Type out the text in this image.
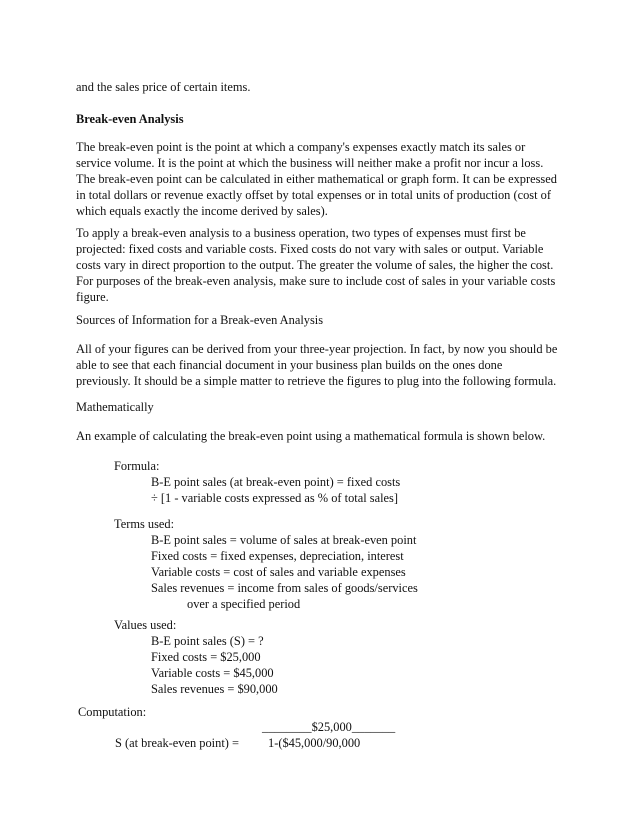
and the sales price of certain items.
Break-even Analysis
The break-even point is the point at which a company's expenses exactly match its sales or
service volume. It is the point at which the business will neither make a profit nor incur a loss.
The break-even point can be calculated in either mathematical or graph form. It can be expressed
in total dollars or revenue exactly offset by total expenses or in total units of production (cost of
which equals exactly the income derived by sales).
To apply a break-even analysis to a business operation, two types of expenses must first be
projected: fixed costs and variable costs. Fixed costs do not vary with sales or output. Variable
costs vary in direct proportion to the output. The greater the volume of sales, the higher the cost.
For purposes of the break-even analysis, make sure to include cost of sales in your variable costs
figure.
Sources of Information for a Break-even Analysis
All of your figures can be derived from your three-year projection. In fact, by now you should be
able to see that each financial document in your business plan builds on the ones done
previously. It should be a simple matter to retrieve the figures to plug into the following formula.
Mathematically
An example of calculating the break-even point using a mathematical formula is shown below.
Formula:
B-E point sales (at break-even point) = fixed costs
÷ [1 - variable costs expressed as % of total sales]
Terms used:
B-E point sales = volume of sales at break-even point
Fixed costs = fixed expenses, depreciation, interest
Variable costs = cost of sales and variable expenses
Sales revenues = income from sales of goods/services
over a specified period
Values used:
B-E point sales (S) = ?
Fixed costs = $25,000
Variable costs = $45,000
Sales revenues = $90,000
Computation:
________$25,000_______
S (at break-even point) =	1-($45,000/90,000
